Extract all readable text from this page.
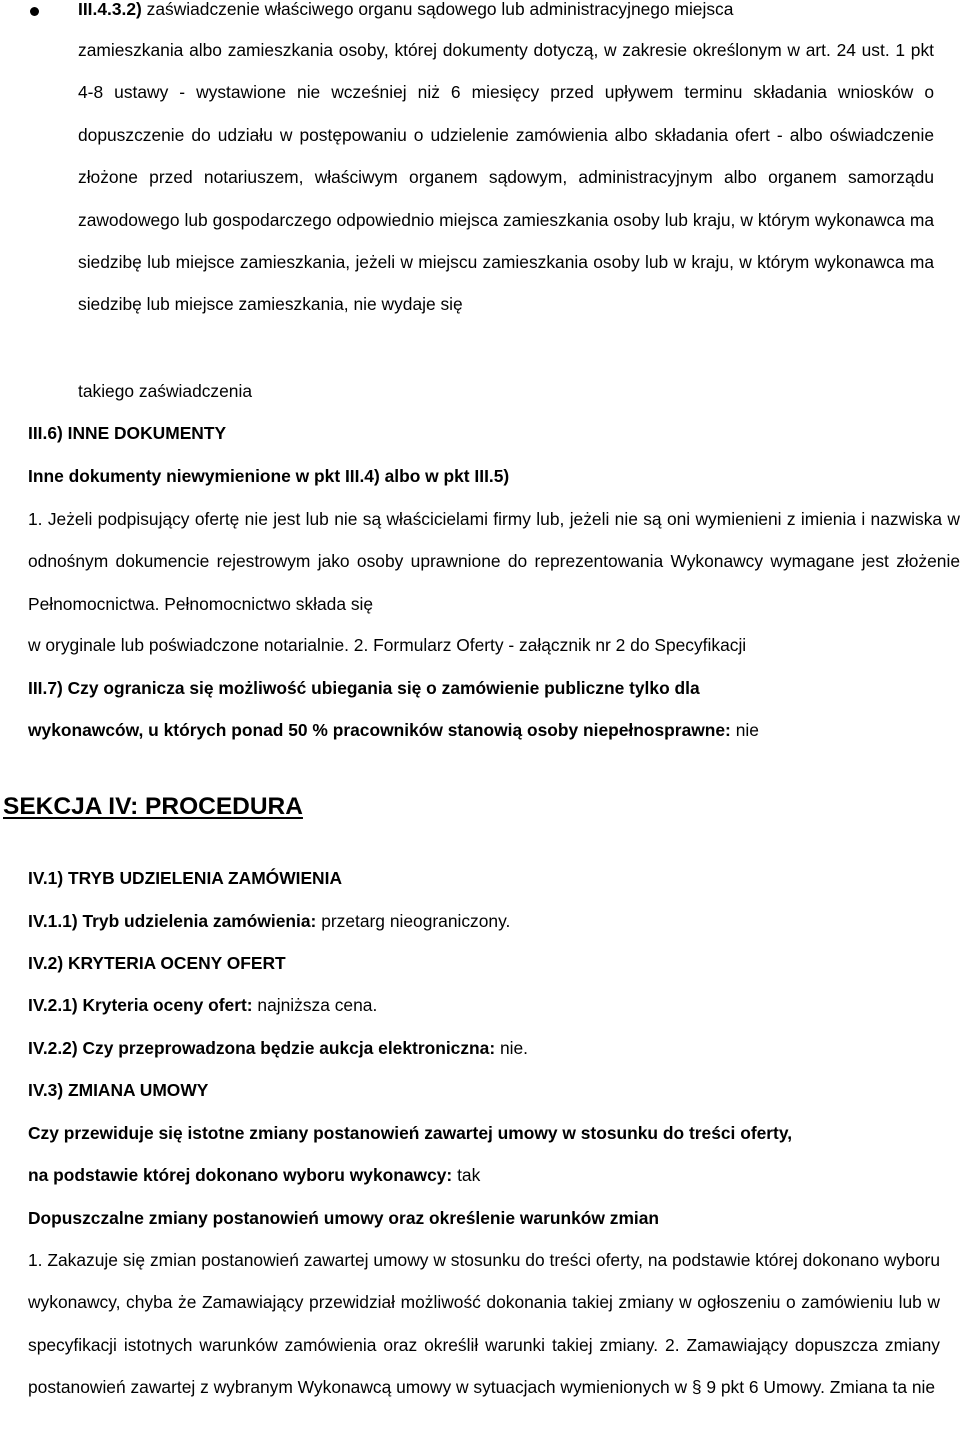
III.4.3.2) zaświadczenie właściwego organu sądowego lub administracyjnego miejsca

zamieszkania albo zamieszkania osoby, której dokumenty dotyczą, w zakresie określonym w art. 24 ust. 1 pkt 4-8 ustawy - wystawione nie wcześniej niż 6 miesięcy przed upływem terminu składania wniosków o dopuszczenie do udziału w postępowaniu o udzielenie zamówienia albo składania ofert - albo oświadczenie złożone przed notariuszem, właściwym organem sądowym, administracyjnym albo organem samorządu zawodowego lub gospodarczego odpowiednio miejsca zamieszkania osoby lub kraju, w którym wykonawca ma siedzibę lub miejsce zamieszkania, jeżeli w miejscu zamieszkania osoby lub w kraju, w którym wykonawca ma siedzibę lub miejsce zamieszkania, nie wydaje się

takiego zaświadczenia
III.6) INNE DOKUMENTY
Inne dokumenty niewymienione w pkt III.4) albo w pkt III.5)

1. Jeżeli podpisujący ofertę nie jest lub nie są właścicielami firmy lub, jeżeli nie są oni wymienieni z imienia i nazwiska w odnośnym dokumencie rejestrowym jako osoby uprawnione do reprezentowania Wykonawcy wymagane jest złożenie Pełnomocnictwa. Pełnomocnictwo składa się

w oryginale lub poświadczone notarialnie. 2. Formularz Oferty - załącznik nr 2 do Specyfikacji
III.7) Czy ogranicza się możliwość ubiegania się o zamówienie publiczne tylko dla
wykonawców, u których ponad 50 % pracowników stanowią osoby niepełnosprawne: nie
SEKCJA IV: PROCEDURA
IV.1) TRYB UDZIELENIA ZAMÓWIENIA
IV.1.1) Tryb udzielenia zamówienia: przetarg nieograniczony.
IV.2) KRYTERIA OCENY OFERT
IV.2.1) Kryteria oceny ofert: najniższa cena.
IV.2.2) Czy przeprowadzona będzie aukcja elektroniczna: nie.
IV.3) ZMIANA UMOWY
Czy przewiduje się istotne zmiany postanowień zawartej umowy w stosunku do treści oferty,
na podstawie której dokonano wyboru wykonawcy: tak
Dopuszczalne zmiany postanowień umowy oraz określenie warunków zmian

1. Zakazuje się zmian postanowień zawartej umowy w stosunku do treści oferty, na podstawie której dokonano wyboru wykonawcy, chyba że Zamawiający przewidział możliwość dokonania takiej zmiany w ogłoszeniu o zamówieniu lub w specyfikacji istotnych warunków zamówienia oraz określił warunki takiej zmiany. 2. Zamawiający dopuszcza zmiany postanowień zawartej z wybranym Wykonawcą umowy w sytuacjach wymienionych w § 9 pkt 6 Umowy. Zmiana ta nie
